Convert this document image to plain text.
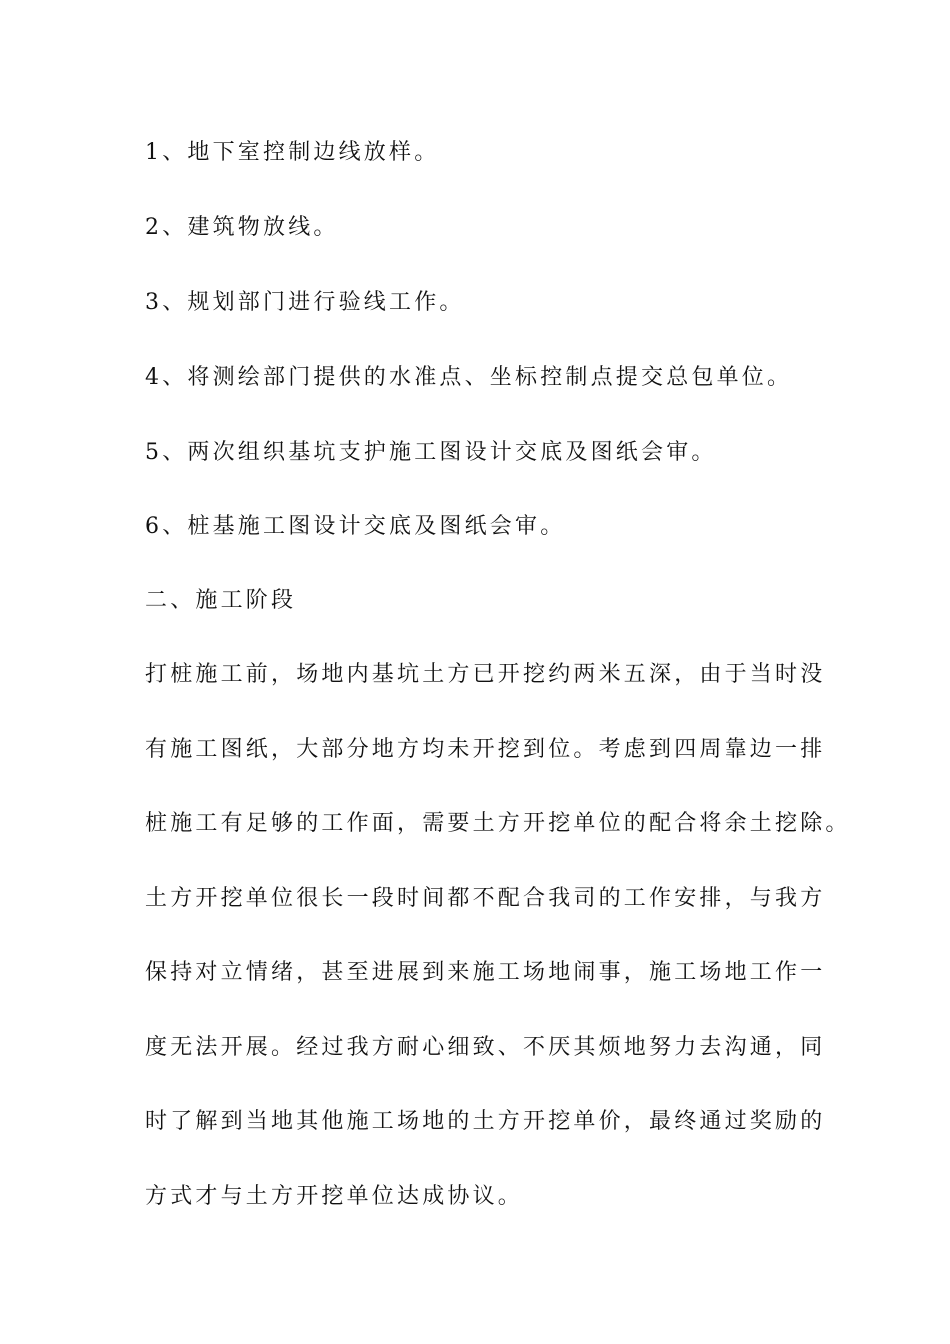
1、地下室控制边线放样。
2、建筑物放线。
3、规划部门进行验线工作。
4、将测绘部门提供的水准点、坐标控制点提交总包单位。
5、两次组织基坑支护施工图设计交底及图纸会审。
6、桩基施工图设计交底及图纸会审。
二、施工阶段
打桩施工前，场地内基坑土方已开挖约两米五深，由于当时没
有施工图纸，大部分地方均未开挖到位。考虑到四周靠边一排
桩施工有足够的工作面，需要土方开挖单位的配合将余土挖除。
土方开挖单位很长一段时间都不配合我司的工作安排，与我方
保持对立情绪，甚至进展到来施工场地闹事，施工场地工作一
度无法开展。经过我方耐心细致、不厌其烦地努力去沟通，同
时了解到当地其他施工场地的土方开挖单价，最终通过奖励的
方式才与土方开挖单位达成协议。
